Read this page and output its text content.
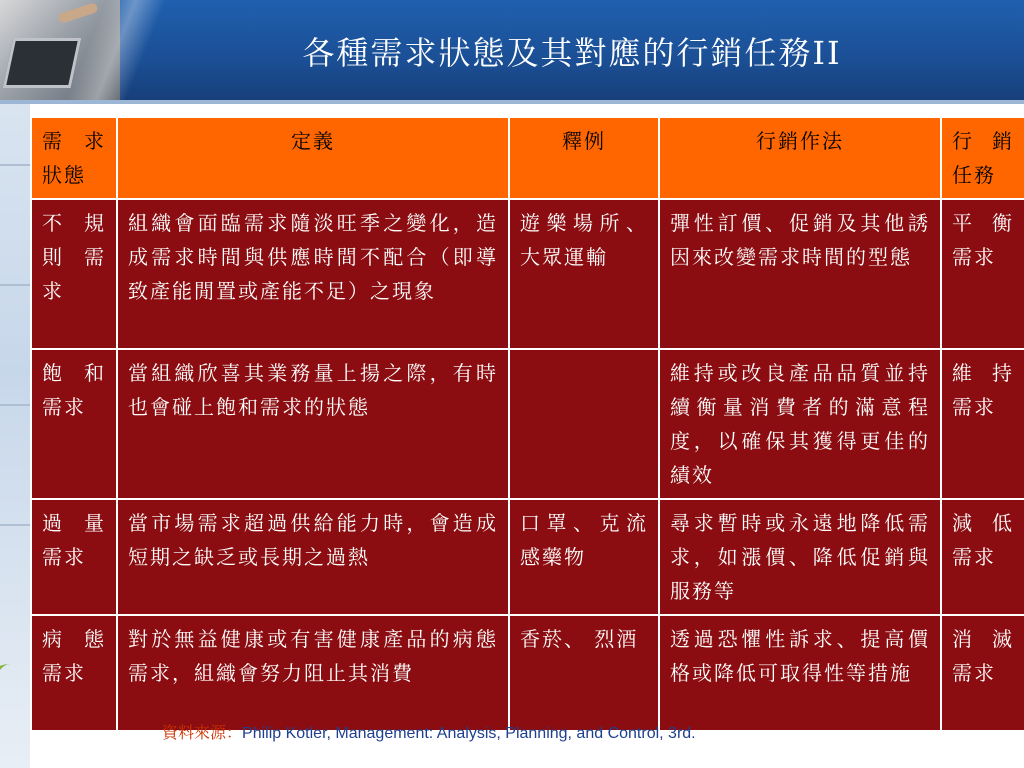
各種需求狀態及其對應的行銷任務II
需求狀態	定義	釋例	行銷作法	行銷任務
不規則需求	組織會面臨需求隨淡旺季之變化，造成需求時間與供應時間不配合（即導致產能閒置或產能不足）之現象	遊樂場所、 大眾運輸	彈性訂價、促銷及其他誘因來改變需求時間的型態	平衡需求
飽和需求	當組織欣喜其業務量上揚之際，有時也會碰上飽和需求的狀態		維持或改良產品品質並持續衡量消費者的滿意程度，以確保其獲得更佳的績效	維持需求
過量需求	當市場需求超過供給能力時，會造成短期之缺乏或長期之過熱	口罩、克流感藥物	尋求暫時或永遠地降低需求，如漲價、降低促銷與服務等	減低需求
病態需求	對於無益健康或有害健康產品的病態需求，組織會努力阻止其消費	香菸、 烈酒	透過恐懼性訴求、提高價格或降低可取得性等措施	消滅需求
資料來源：Philip Kotler, Management: Analysis, Planning, and Control, 3rd.
